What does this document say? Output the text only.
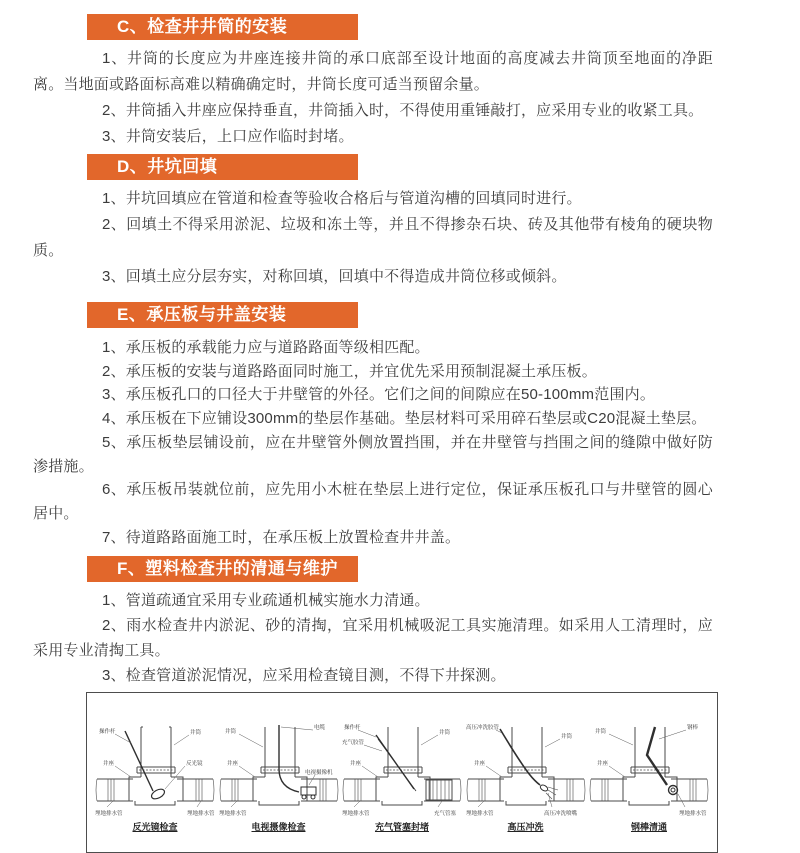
C、检查井井筒的安装

1、井筒的长度应为井座连接井筒的承口底部至设计地面的高度减去井筒顶至地面的净距离。当地面或路面标高难以精确确定时，井筒长度可适当预留余量。

2、井筒插入井座应保持垂直，井筒插入时，不得使用重锤敲打，应采用专业的收紧工具。

3、井筒安装后，上口应作临时封堵。

D、井坑回填

1、井坑回填应在管道和检查等验收合格后与管道沟槽的回填同时进行。

2、回填土不得采用淤泥、垃圾和冻土等，并且不得掺杂石块、砖及其他带有棱角的硬块物质。

3、回填土应分层夯实，对称回填，回填中不得造成井筒位移或倾斜。

E、承压板与井盖安装

1、承压板的承载能力应与道路路面等级相匹配。

2、承压板的安装与道路路面同时施工，并宜优先采用预制混凝土承压板。

3、承压板孔口的口径大于井壁管的外径。它们之间的间隙应在50-100mm范围内。

4、承压板在下应铺设300mm的垫层作基础。垫层材料可采用碎石垫层或C20混凝土垫层。

5、承压板垫层铺设前，应在井壁管外侧放置挡围，并在井壁管与挡围之间的缝隙中做好防渗措施。

6、承压板吊装就位前，应先用小木桩在垫层上进行定位，保证承压板孔口与井壁管的圆心居中。

7、待道路路面施工时，在承压板上放置检查井井盖。

F、塑料检查井的清通与维护

1、管道疏通宜采用专业疏通机械实施水力清通。

2、雨水检查井内淤泥、砂的清掏，宜采用机械吸泥工具实施清理。如采用人工清理时，应采用专业清掏工具。

3、检查管道淤泥情况，应采用检查镜目测，不得下井探测。

操作杆	井筒
井座	反光镜
埋地排水管	埋地排水管
反光镜检查
井筒
电缆
井座
电视摄像机
埋地排水管
电视摄像检查
操作杆
充气胶管
井筒
井座
埋地排水管	充气管塞
充气管塞封堵
高压冲洗胶管
井筒
井座
埋地排水管	高压冲洗喷嘴
高压冲洗
井筒
钢棒
井座
埋地排水管
钢棒清通
